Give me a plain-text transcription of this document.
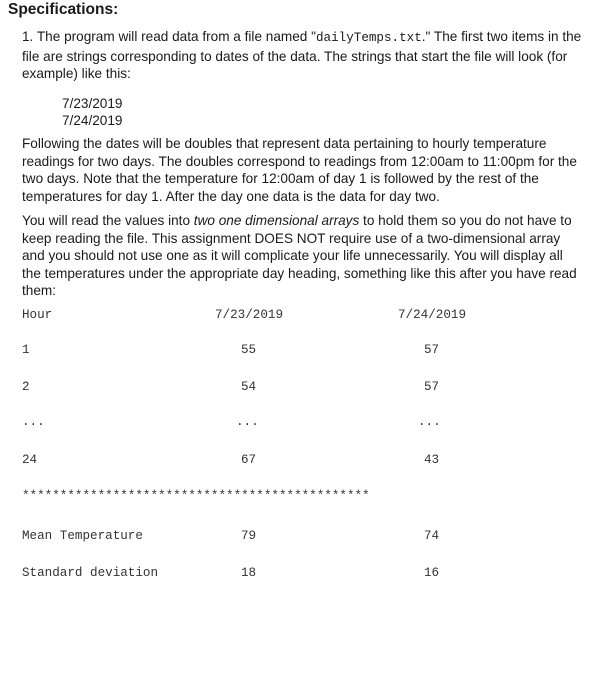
Specifications:

1. The program will read data from a file named "dailyTemps.txt." The first two items in the file are strings corresponding to dates of the data. The strings that start the file will look (for example) like this:

7/23/2019
7/24/2019

Following the dates will be doubles that represent data pertaining to hourly temperature readings for two days. The doubles correspond to readings from 12:00am to 11:00pm for the two days. Note that the temperature for 12:00am of day 1 is followed by the rest of the temperatures for day 1. After the day one data is the data for day two.

You will read the values into two one dimensional arrays to hold them so you do not have to keep reading the file. This assignment DOES NOT require use of a two-dimensional array and you should not use one as it will complicate your life unnecessarily. You will display all the temperatures under the appropriate day heading, something like this after you have read them:

Hour	7/23/2019	7/24/2019
1	55	57
2	54	57
...	...	...
24	67	43
**********************************************
Mean Temperature	79	74
Standard deviation	18	16
